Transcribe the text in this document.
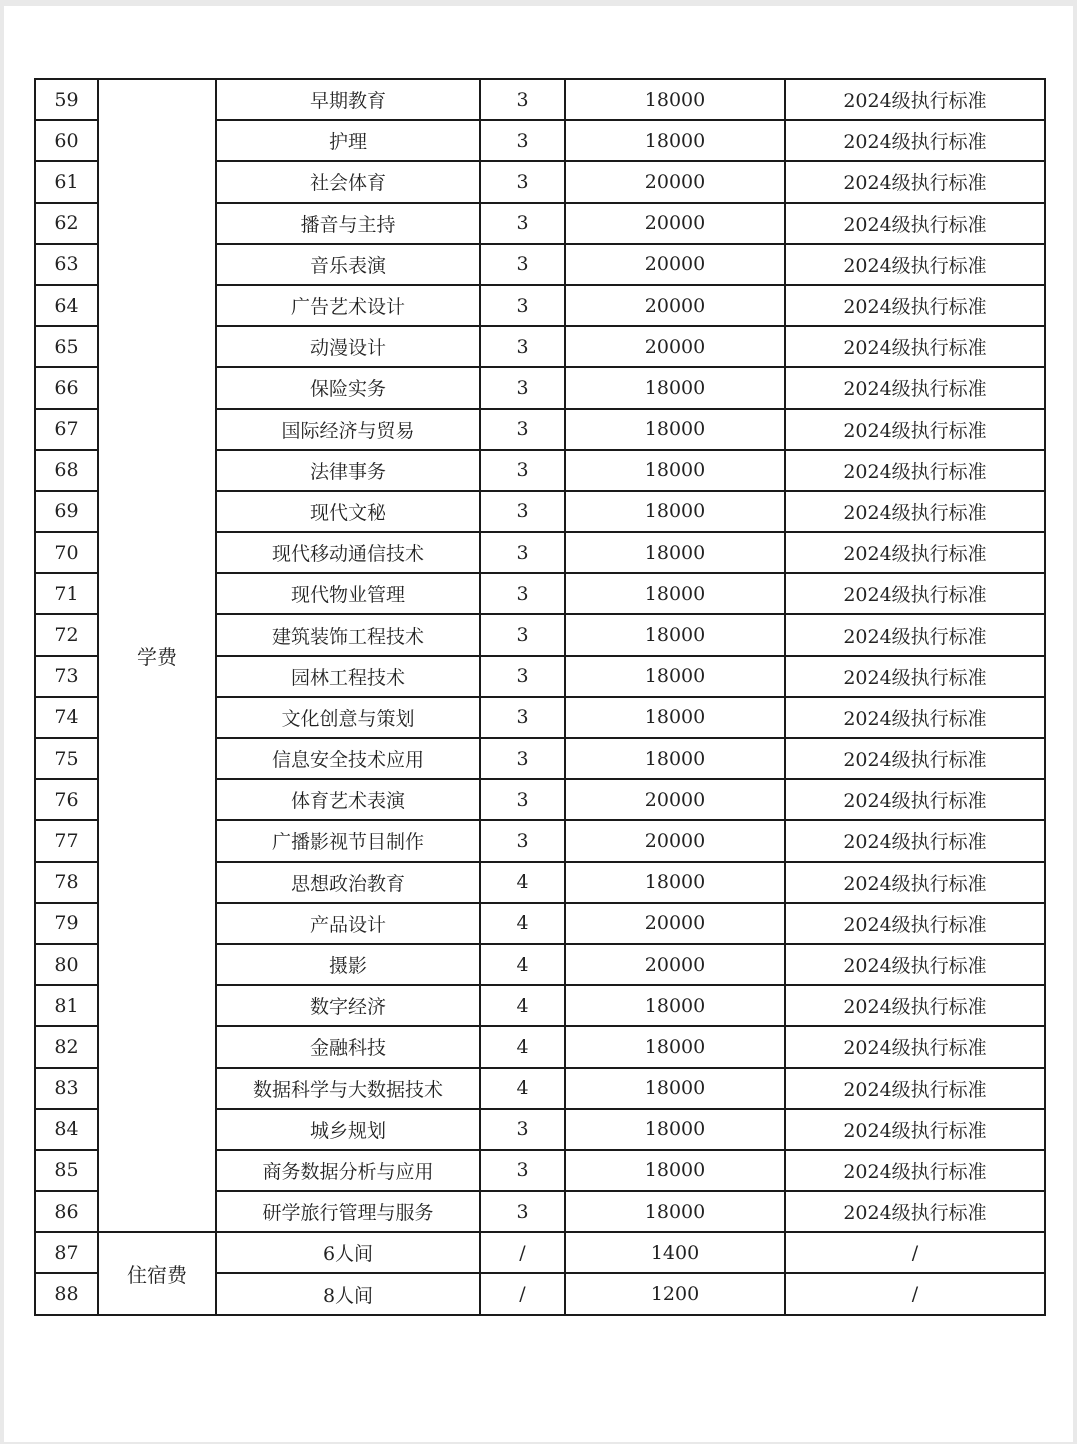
59	学费	早期教育	3	18000	2024级执行标准
60		护理	3	18000	2024级执行标准
61		社会体育	3	20000	2024级执行标准
62		播音与主持	3	20000	2024级执行标准
63		音乐表演	3	20000	2024级执行标准
64		广告艺术设计	3	20000	2024级执行标准
65		动漫设计	3	20000	2024级执行标准
66		保险实务	3	18000	2024级执行标准
67		国际经济与贸易	3	18000	2024级执行标准
68		法律事务	3	18000	2024级执行标准
69		现代文秘	3	18000	2024级执行标准
70		现代移动通信技术	3	18000	2024级执行标准
71		现代物业管理	3	18000	2024级执行标准
72		建筑装饰工程技术	3	18000	2024级执行标准
73		园林工程技术	3	18000	2024级执行标准
74		文化创意与策划	3	18000	2024级执行标准
75		信息安全技术应用	3	18000	2024级执行标准
76		体育艺术表演	3	20000	2024级执行标准
77		广播影视节目制作	3	20000	2024级执行标准
78		思想政治教育	4	18000	2024级执行标准
79		产品设计	4	20000	2024级执行标准
80		摄影	4	20000	2024级执行标准
81		数字经济	4	18000	2024级执行标准
82		金融科技	4	18000	2024级执行标准
83		数据科学与大数据技术	4	18000	2024级执行标准
84		城乡规划	3	18000	2024级执行标准
85		商务数据分析与应用	3	18000	2024级执行标准
86		研学旅行管理与服务	3	18000	2024级执行标准
87	住宿费	6人间	/	1400	/
88		8人间	/	1200	/
